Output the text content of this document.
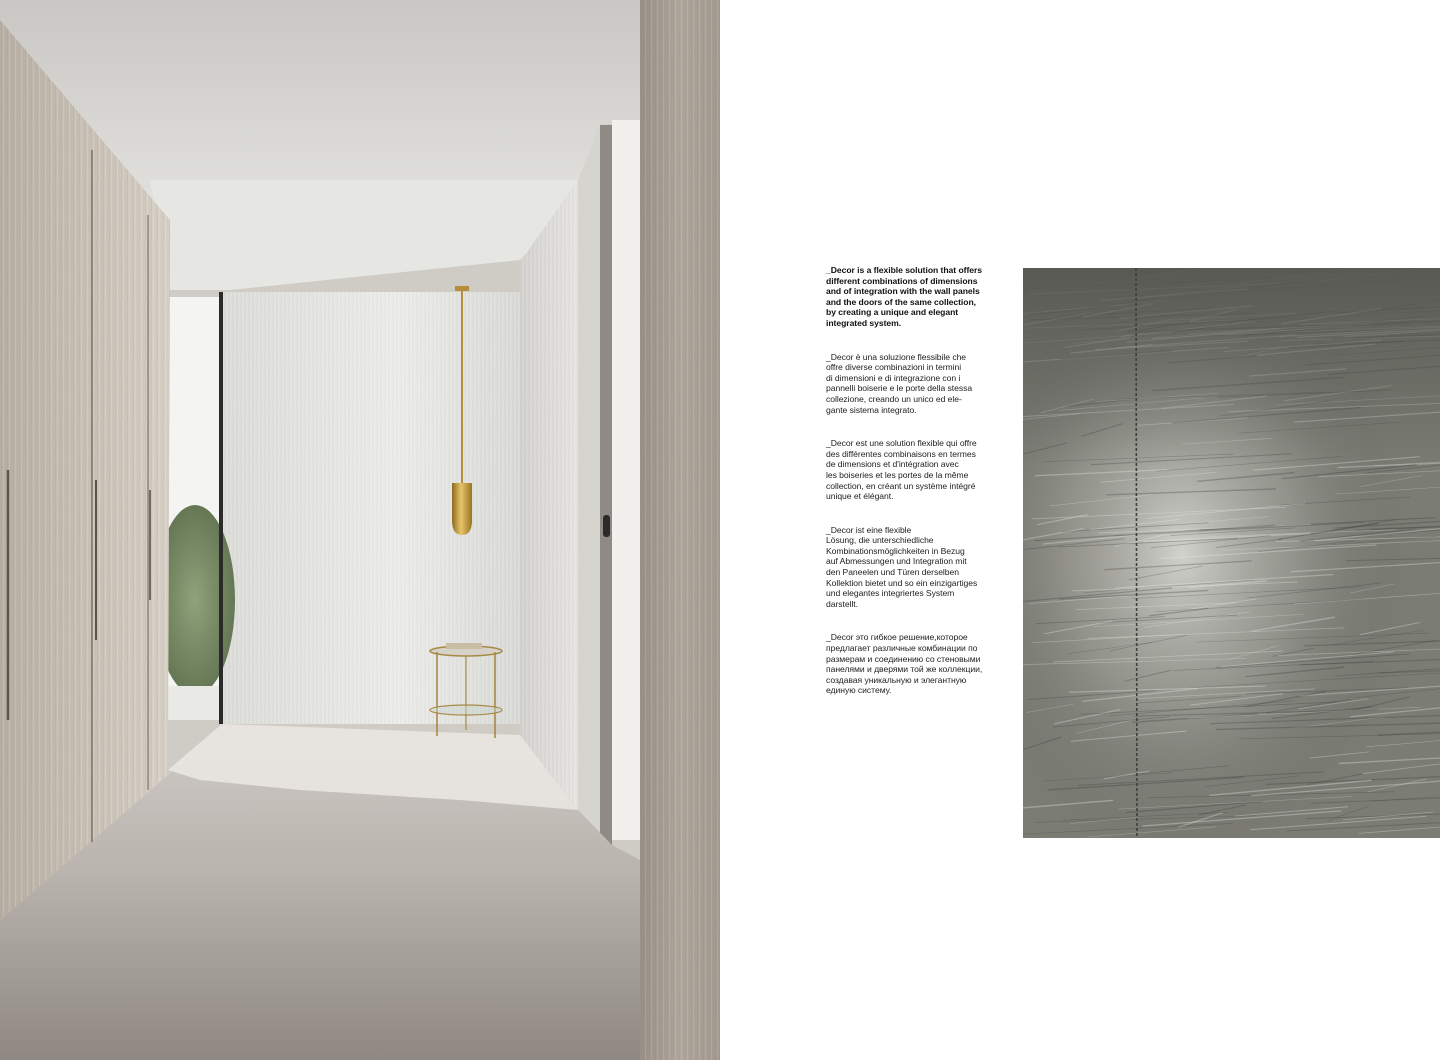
_Decor is a flexible solution that offers
different combinations of dimensions
and of integration with the wall panels
and the doors of the same collection,
by creating a unique and elegant
integrated system.

_Decor è una soluzione flessibile che
offre diverse combinazioni in termini
di dimensioni e di integrazione con i
pannelli boiserie e le porte della stessa
collezione, creando un unico ed ele-
gante sistema integrato.

_Decor est une solution flexible qui offre
des différentes combinaisons en termes
de dimensions et d'intégration avec
les boiseries et les portes de la même
collection, en créant un système intégré
unique et élégant.

_Decor ist eine flexible
Lösung, die unterschiedliche
Kombinationsmöglichkeiten in Bezug
auf Abmessungen und Integration mit
den Paneelen und Türen derselben
Kollektion bietet und so ein einzigartiges
und elegantes integriertes System
darstellt.

_Decor это гибкое решение,которое
предлагает различные комбинации по
размерам и соединению со стеновыми
панелями и дверями той же коллекции,
создавая уникальную и элегантную
единую систему.
